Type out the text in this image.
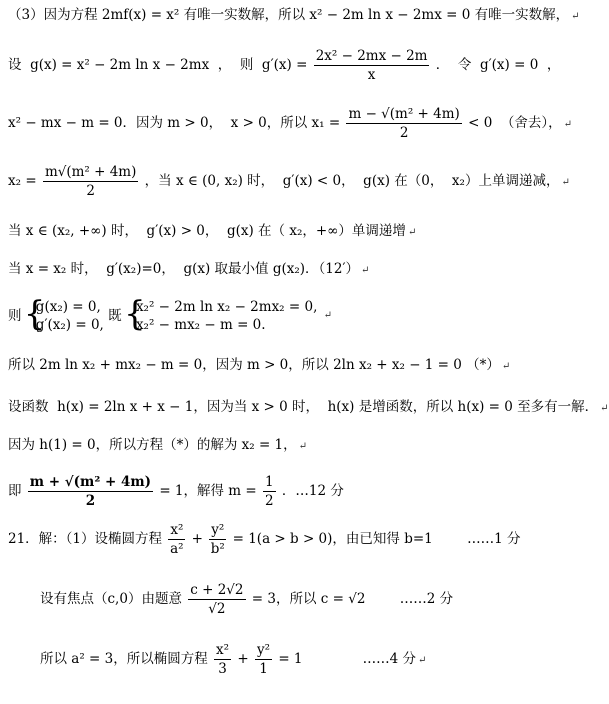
（3）因为方程 2mf(x) = x² 有唯一实数解，所以 x² − 2m ln x − 2mx = 0 有唯一实数解， ↵
设  g(x) = x² − 2m ln x − 2mx  ，  则  $g'(x) = \frac{\text{2x² − 2mx − 2m}}{x}$ ．  令  g′(x) = 0  ，
x² − mx − m = 0．因为 m > 0，  x > 0，所以 $x_1 = \frac{\text{m − √(m² + 4m)}}{2} < 0$  （舍去）， ↵
$x_2 = \frac{\text{m√(m² + 4m)}}{2}$ ，当 x ∈ (0, x₂) 时，  g′(x) < 0，  g(x) 在（0，  x₂）上单调递减， ↵
当 x ∈ (x₂, +∞) 时，  g′(x) > 0，  g(x) 在（ x₂，+∞）单调递增 ↵
当 x = x₂ 时，  g′(x₂)=0，  g(x) 取最小值 g(x₂)．（12′） ↵
则
{ g(x₂) = 0,
g′(x₂) = 0,
既
{ x₂² − 2m ln x₂ − 2mx₂ = 0,
x₂² − mx₂ − m = 0.
↵
所以 2m ln x₂ + mx₂ − m = 0，因为 m > 0，所以 2ln x₂ + x₂ − 1 = 0 （*） ↵
设函数  h(x) = 2ln x + x − 1，因为当 x > 0 时，  h(x) 是增函数，所以 h(x) = 0 至多有一解． ↵
因为 h(1) = 0，所以方程（*）的解为 x₂ = 1， ↵
即 $\frac{\text{m + √(m² + 4m)}}{2} = 1$，解得 $m = \frac{1}{2}$ ．…12 分
21．解：（1）设椭圆方程 $\frac{\text{x²}}{\text{a²}} + \frac{\text{y²}}{\text{b²}} = 1(a > b > 0)$，由已知得 b=1        ……1 分
设有焦点（c,0）由题意 $\frac{c + 2√2}{√2} = 3$，所以 c = √2        ……2 分
所以 a² = 3，所以椭圆方程 $\frac{\text{x²}}{3} + \frac{\text{y²}}{1} = 1$              ……4 分 ↵
